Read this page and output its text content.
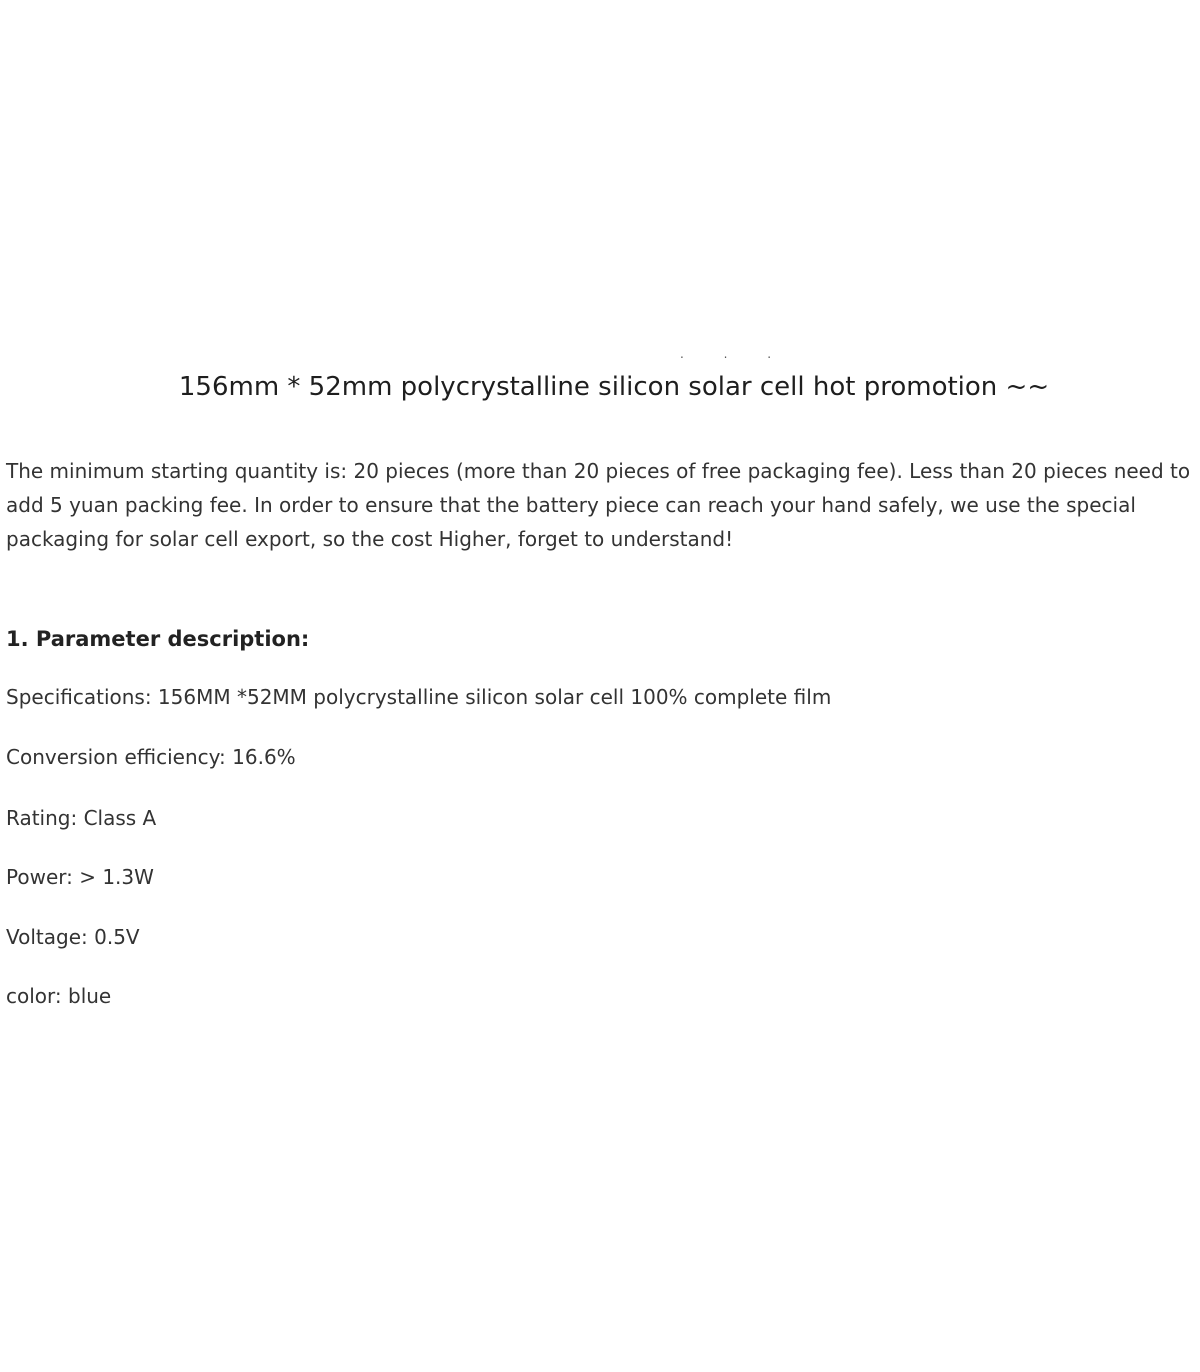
. . .
156mm * 52mm polycrystalline silicon solar cell hot promotion ~~

The minimum starting quantity is: 20 pieces (more than 20 pieces of free packaging fee). Less than 20 pieces need to add 5 yuan packing fee. In order to ensure that the battery piece can reach your hand safely, we use the special packaging for solar cell export, so the cost Higher, forget to understand!

1. Parameter description:
Specifications: 156MM *52MM polycrystalline silicon solar cell 100% complete film
Conversion efficiency: 16.6%
Rating: Class A
Power: > 1.3W
Voltage: 0.5V
color: blue
